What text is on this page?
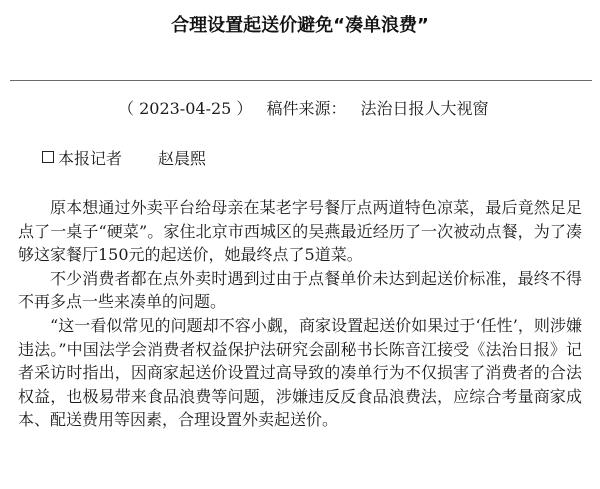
合理设置起送价避免“凑单浪费”
（ 2023-04-25 ） 稿件来源： 法治日报人大视窗
本报记者 赵晨熙

原本想通过外卖平台给母亲在某老字号餐厅点两道特色凉菜，最后竟然足足点了一桌子“硬菜”。家住北京市西城区的吴燕最近经历了一次被动点餐，为了凑够这家餐厅150元的起送价，她最终点了5道菜。

不少消费者都在点外卖时遇到过由于点餐单价未达到起送价标准，最终不得不再多点一些来凑单的问题。

“这一看似常见的问题却不容小觑，商家设置起送价如果过于‘任性’，则涉嫌违法。”中国法学会消费者权益保护法研究会副秘书长陈音江接受《法治日报》记者采访时指出，因商家起送价设置过高导致的凑单行为不仅损害了消费者的合法权益，也极易带来食品浪费等问题，涉嫌违反反食品浪费法，应综合考量商家成本、配送费用等因素，合理设置外卖起送价。
